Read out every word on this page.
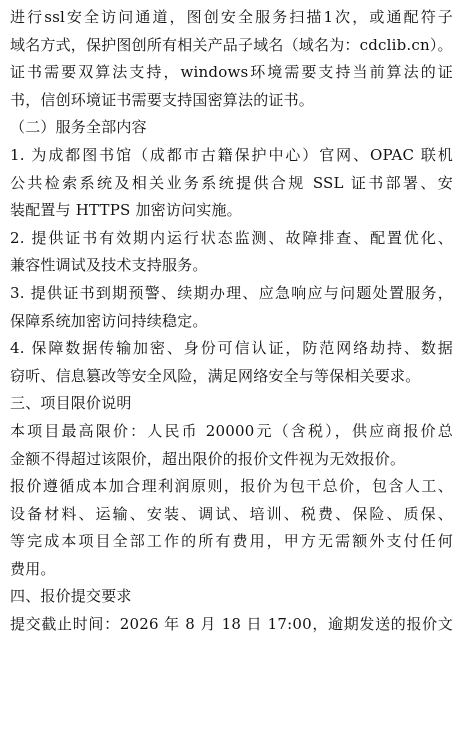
进行ssl安全访问通道，图创安全服务扫描1次，或通配符子
域名方式，保护图创所有相关产品子域名（域名为：cdclib.cn）。
证书需要双算法支持，windows环境需要支持当前算法的证
书，信创环境证书需要支持国密算法的证书。
（二）服务全部内容
1. 为成都图书馆（成都市古籍保护中心）官网、OPAC 联机
公共检索系统及相关业务系统提供合规 SSL 证书部署、安
装配置与 HTTPS 加密访问实施。
2. 提供证书有效期内运行状态监测、故障排查、配置优化、
兼容性调试及技术支持服务。
3. 提供证书到期预警、续期办理、应急响应与问题处置服务，
保障系统加密访问持续稳定。
4. 保障数据传输加密、身份可信认证，防范网络劫持、数据
窃听、信息篡改等安全风险，满足网络安全与等保相关要求。
三、项目限价说明
本项目最高限价：人民币 20000元（含税），供应商报价总
金额不得超过该限价，超出限价的报价文件视为无效报价。
报价遵循成本加合理利润原则，报价为包干总价，包含人工、
设备材料、运输、安装、调试、培训、税费、保险、质保、
等完成本项目全部工作的所有费用，甲方无需额外支付任何
费用。
四、报价提交要求
提交截止时间：2026 年 8 月 18 日 17:00，逾期发送的报价文
